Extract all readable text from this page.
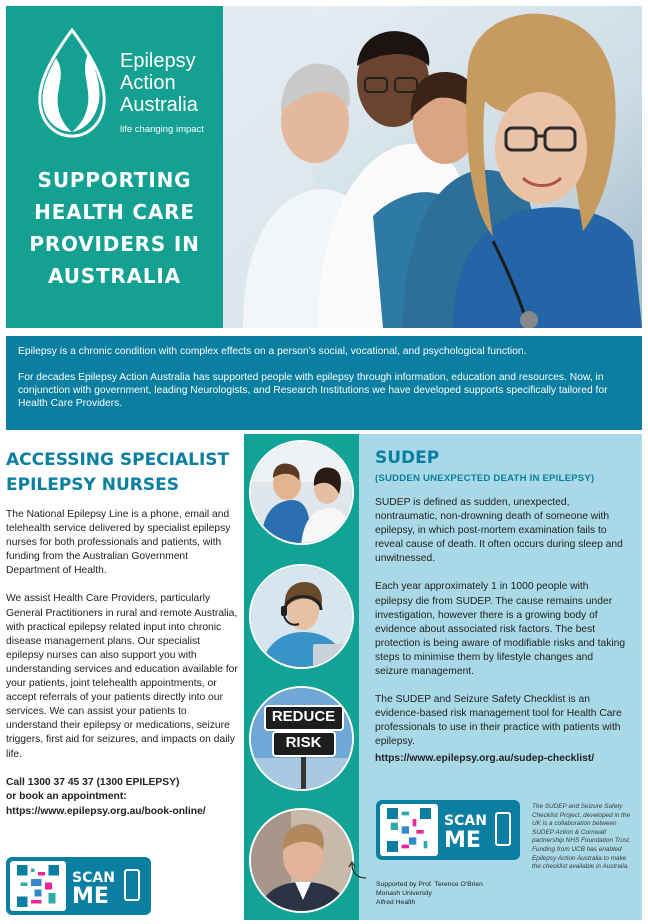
Epilepsy
Action
Australia
life changing impact
SUPPORTING
HEALTH CARE
PROVIDERS IN
AUSTRALIA

Epilepsy is a chronic condition with complex effects on a person’s social, vocational, and psychological function.

For decades Epilepsy Action Australia has supported people with epilepsy through information, education and resources. Now, in conjunction with government, leading Neurologists, and Research Institutions we have developed supports specifically tailored for Health Care Providers.

ACCESSING SPECIALIST
EPILEPSY NURSES

The National Epilepsy Line is a phone, email and telehealth service delivered by specialist epilepsy nurses for both professionals and patients, with funding from the Australian Government Department of Health.

We assist Health Care Providers, particularly General Practitioners in rural and remote Australia, with practical epilepsy related input into chronic disease management plans. Our specialist epilepsy nurses can also support you with understanding services and education available for your patients, joint telehealth appointments, or accept referrals of your patients directly into our services. We can assist your patients to understand their epilepsy or medications, seizure triggers, first aid for seizures, and impacts on daily life.

Call 1300 37 45 37 (1300 EPILEPSY)
or book an appointment:
https://www.epilepsy.org.au/book-online/
SCAN
ME
REDUCE
RISK
SUDEP
(SUDDEN UNEXPECTED DEATH IN EPILEPSY)

SUDEP is defined as sudden, unexpected, nontraumatic, non-drowning death of someone with epilepsy, in which post-mortem examination fails to reveal cause of death. It often occurs during sleep and unwitnessed.

Each year approximately 1 in 1000 people with epilepsy die from SUDEP. The cause remains under investigation, however there is a growing body of evidence about associated risk factors. The best protection is being aware of modifiable risks and taking steps to minimise them by lifestyle changes and seizure management.

The SUDEP and Seizure Safety Checklist is an evidence-based risk management tool for Health Care professionals to use in their practice with patients with epilepsy.

https://www.epilepsy.org.au/sudep-checklist/
SCAN
ME
The SUDEP and Seizure Safety Checklist Project, developed in the UK is a collaboration between SUDEP Action & Cornwall partnership NHS Foundation Trust. Funding from UCB has enabled Epilepsy Action Australia to make the checklist available in Australia.
Supported by Prof. Terence O'Brien
Monash University
Alfred Health
